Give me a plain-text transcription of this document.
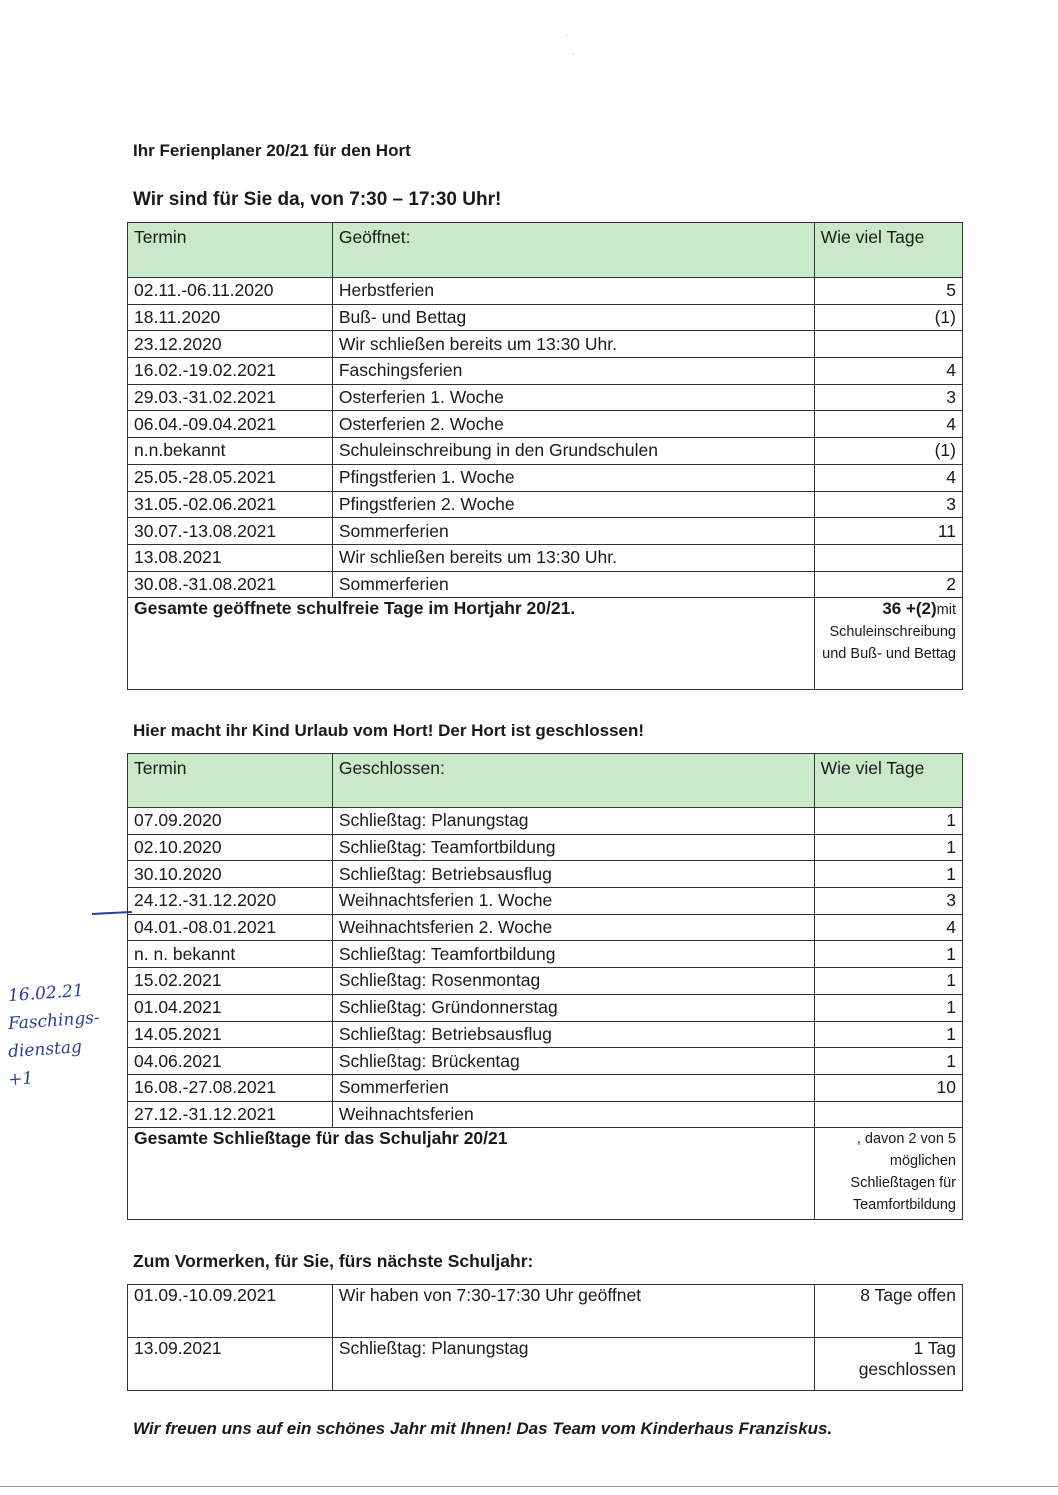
·
·
Ihr Ferienplaner 20/21 für den Hort
Wir sind für Sie da, von 7:30 – 17:30 Uhr!
Termin	Geöffnet:	Wie viel Tage
02.11.-06.11.2020	Herbstferien	5
18.11.2020	Buß- und Bettag	(1)
23.12.2020	Wir schließen bereits um 13:30 Uhr.	
16.02.-19.02.2021	Faschingsferien	4
29.03.-31.02.2021	Osterferien 1. Woche	3
06.04.-09.04.2021	Osterferien 2. Woche	4
n.n.bekannt	Schuleinschreibung in den Grundschulen	(1)
25.05.-28.05.2021	Pfingstferien 1. Woche	4
31.05.-02.06.2021	Pfingstferien 2. Woche	3
30.07.-13.08.2021	Sommerferien	11
13.08.2021	Wir schließen bereits um 13:30 Uhr.	
30.08.-31.08.2021	Sommerferien	2
Gesamte geöffnete schulfreie Tage im Hortjahr 20/21.		36 +(2)mit Schuleinschreibung und Buß- und Bettag
Hier macht ihr Kind Urlaub vom Hort! Der Hort ist geschlossen!
Termin	Geschlossen:	Wie viel Tage
07.09.2020	Schließtag: Planungstag	1
02.10.2020	Schließtag: Teamfortbildung	1
30.10.2020	Schließtag: Betriebsausflug	1
24.12.-31.12.2020	Weihnachtsferien 1. Woche	3
04.01.-08.01.2021	Weihnachtsferien 2. Woche	4
n. n. bekannt	Schließtag: Teamfortbildung	1
15.02.2021	Schließtag: Rosenmontag	1
01.04.2021	Schließtag: Gründonnerstag	1
14.05.2021	Schließtag: Betriebsausflug	1
04.06.2021	Schließtag: Brückentag	1
16.08.-27.08.2021	Sommerferien	10
27.12.-31.12.2021	Weihnachtsferien	
Gesamte Schließtage für das Schuljahr 20/21		, davon 2 von 5 möglichen Schließtagen für Teamfortbildung
Zum Vormerken, für Sie, fürs nächste Schuljahr:
01.09.-10.09.2021	Wir haben von 7:30-17:30 Uhr geöffnet	8 Tage offen
13.09.2021	Schließtag: Planungstag	1 Tag geschlossen
Wir freuen uns auf ein schönes Jahr mit Ihnen! Das Team vom Kinderhaus Franziskus.
16.02.21
Faschings-
dienstag
+1
